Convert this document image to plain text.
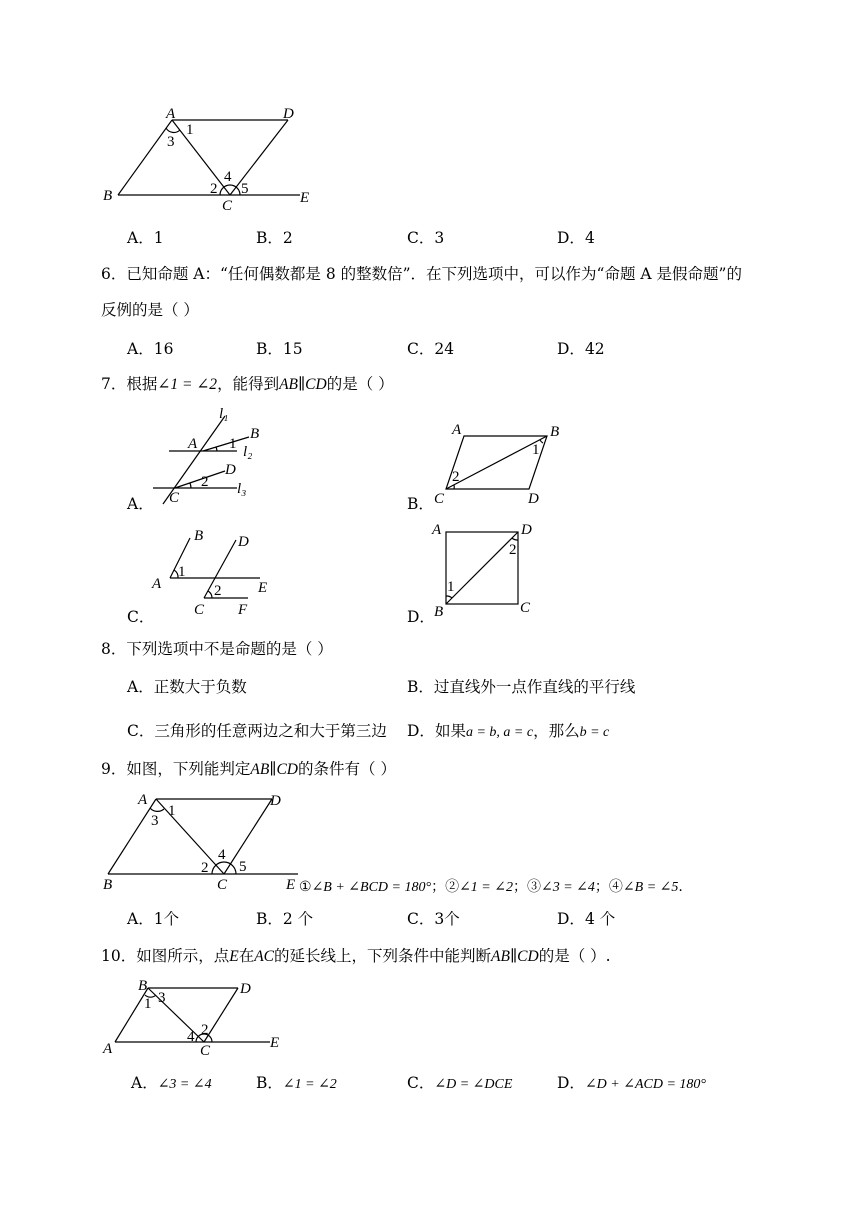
A	D
B
C	E
1
3
2
4
5
A．1	B．2	C．3	D．4
6．已知命题 A：“任何偶数都是 8 的整数倍”．在下列选项中，可以作为“命题 A 是假命题”的
反例的是（ ）
A．16	B．15	C．24	D．42
7．根据∠1 = ∠2，能得到AB∥CD的是（ ）
l₁
B
A 1 l₂
D
2 l₃
C
A．
A	B
1
2
C	D
B．
B D
A
1
E
2
C F
C．
A	D
2
1
B	C
D．
8．下列选项中不是命题的是（ ）
A．正数大于负数	B．过直线外一点作直线的平行线
C．三角形的任意两边之和大于第三边 D．如果a = b, a = c，那么b = c
9．如图，下列能判定AB∥CD的条件有（ ）
A	D
1
3
4
2 5
B	C	E ①∠B + ∠BCD = 180°；②∠1 = ∠2；③∠3 = ∠4；④∠B = ∠5.
A．1个	B．2 个	C．3个	D．4 个
10．如图所示，点E在AC的延长线上，下列条件中能判断AB∥CD的是（ ）.
B
3
1
D
2
4
A	C	E
A．∠3 = ∠4	B．∠1 = ∠2	C．∠D = ∠DCE	D．∠D + ∠ACD = 180°
